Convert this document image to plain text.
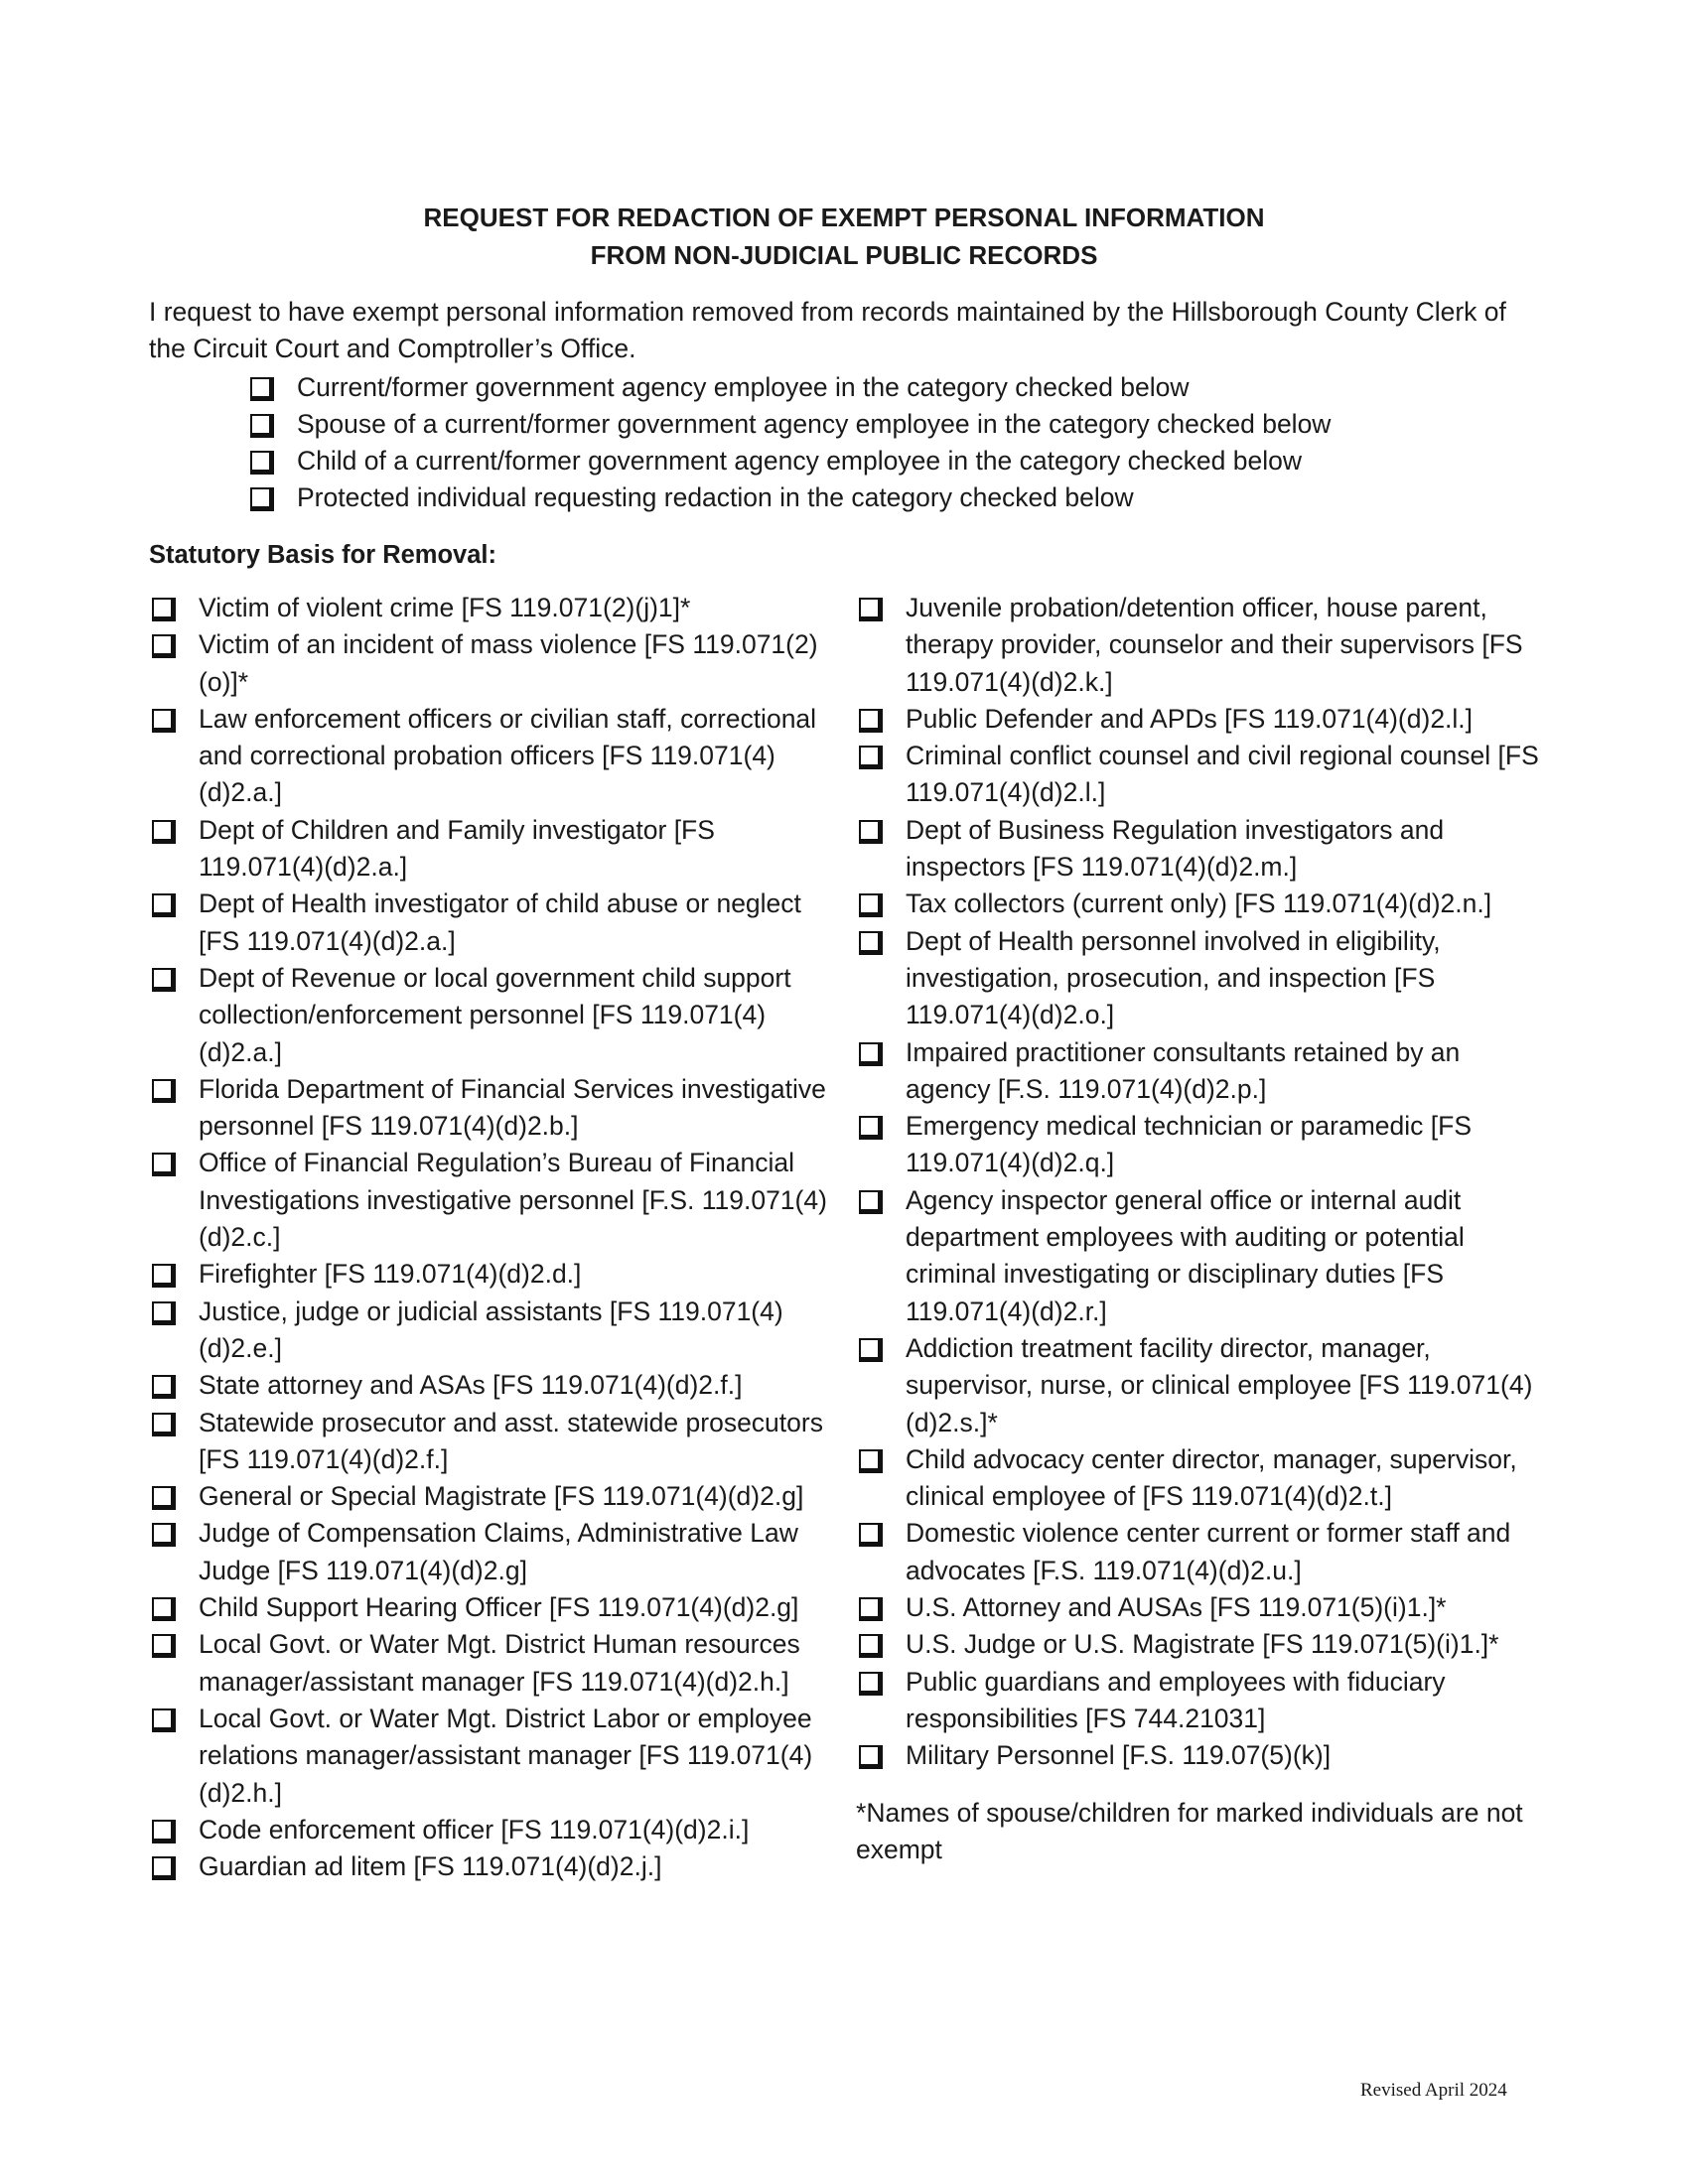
REQUEST FOR REDACTION OF EXEMPT PERSONAL INFORMATION
FROM NON-JUDICIAL PUBLIC RECORDS
I request to have exempt personal information removed from records maintained by the Hillsborough County Clerk of the Circuit Court and Comptroller’s Office.
Current/former government agency employee in the category checked below
Spouse of a current/former government agency employee in the category checked below
Child of a current/former government agency employee in the category checked below
Protected individual requesting redaction in the category checked below
Statutory Basis for Removal:
Victim of violent crime [FS 119.071(2)(j)1]*
Victim of an incident of mass violence [FS 119.071(2)(o)]*
Law enforcement officers or civilian staff, correctional and correctional probation officers [FS 119.071(4)(d)2.a.]
Dept of Children and Family investigator [FS 119.071(4)(d)2.a.]
Dept of Health investigator of child abuse or neglect [FS 119.071(4)(d)2.a.]
Dept of Revenue or local government child support collection/enforcement personnel [FS 119.071(4)(d)2.a.]
Florida Department of Financial Services investigative personnel [FS 119.071(4)(d)2.b.]
Office of Financial Regulation’s Bureau of Financial Investigations investigative personnel [F.S. 119.071(4)(d)2.c.]
Firefighter [FS 119.071(4)(d)2.d.]
Justice, judge or judicial assistants [FS 119.071(4)(d)2.e.]
State attorney and ASAs [FS 119.071(4)(d)2.f.]
Statewide prosecutor and asst. statewide prosecutors [FS 119.071(4)(d)2.f.]
General or Special Magistrate [FS 119.071(4)(d)2.g]
Judge of Compensation Claims, Administrative Law Judge [FS 119.071(4)(d)2.g]
Child Support Hearing Officer [FS 119.071(4)(d)2.g]
Local Govt. or Water Mgt. District Human resources manager/assistant manager [FS 119.071(4)(d)2.h.]
Local Govt. or Water Mgt. District Labor or employee relations manager/assistant manager [FS 119.071(4)(d)2.h.]
Code enforcement officer [FS 119.071(4)(d)2.i.]
Guardian ad litem [FS 119.071(4)(d)2.j.]
Juvenile probation/detention officer, house parent, therapy provider, counselor and their supervisors [FS 119.071(4)(d)2.k.]
Public Defender and APDs [FS 119.071(4)(d)2.l.]
Criminal conflict counsel and civil regional counsel [FS 119.071(4)(d)2.l.]
Dept of Business Regulation investigators and inspectors [FS 119.071(4)(d)2.m.]
Tax collectors (current only) [FS 119.071(4)(d)2.n.]
Dept of Health personnel involved in eligibility, investigation, prosecution, and inspection [FS 119.071(4)(d)2.o.]
Impaired practitioner consultants retained by an agency [F.S. 119.071(4)(d)2.p.]
Emergency medical technician or paramedic [FS 119.071(4)(d)2.q.]
Agency inspector general office or internal audit department employees with auditing or potential criminal investigating or disciplinary duties [FS 119.071(4)(d)2.r.]
Addiction treatment facility director, manager, supervisor, nurse, or clinical employee [FS 119.071(4)(d)2.s.]*
Child advocacy center director, manager, supervisor, clinical employee of [FS 119.071(4)(d)2.t.]
Domestic violence center current or former staff and advocates [F.S. 119.071(4)(d)2.u.]
U.S. Attorney and AUSAs [FS 119.071(5)(i)1.]*
U.S. Judge or U.S. Magistrate [FS 119.071(5)(i)1.]*
Public guardians and employees with fiduciary responsibilities [FS 744.21031]
Military Personnel [F.S. 119.07(5)(k)]
*Names of spouse/children for marked individuals are not exempt
Revised April 2024
